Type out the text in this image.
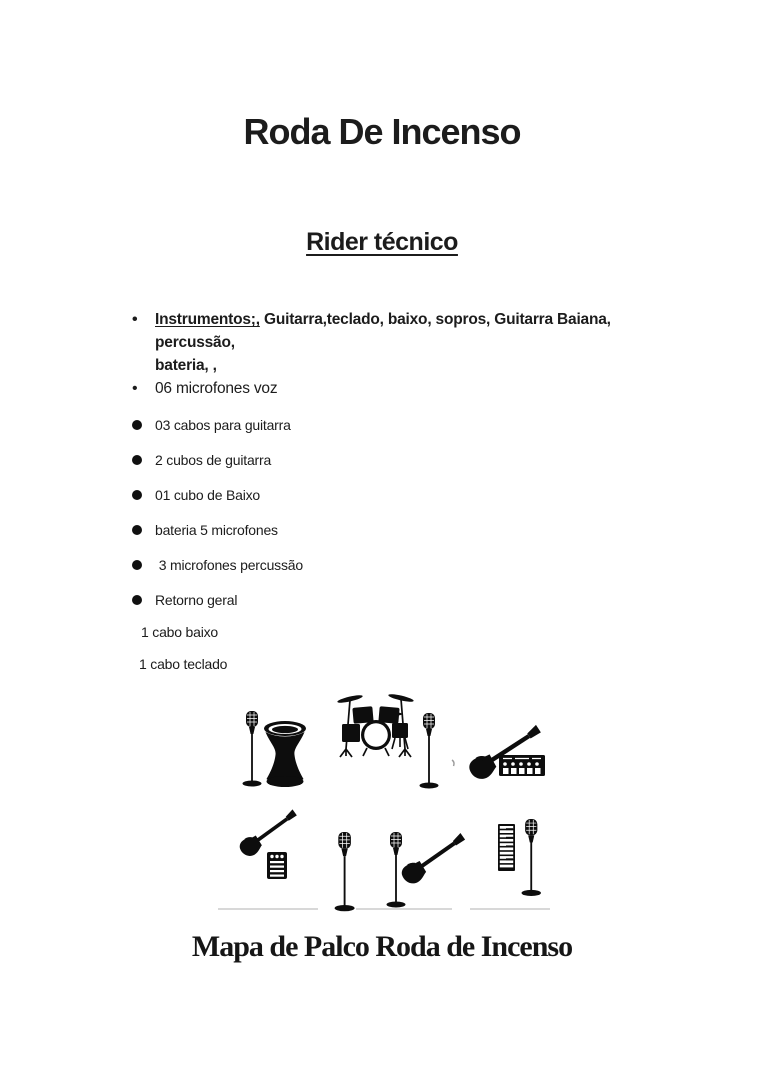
Roda De Incenso
Rider técnico
•
Instrumentos;, Guitarra,teclado, baixo, sopros, Guitarra Baiana, percussão,
bateria, ,
•
06 microfones voz
03 cabos para guitarra
2 cubos de guitarra
01 cubo de Baixo
bateria 5 microfones
3 microfones percussão
Retorno geral
1 cabo baixo
1 cabo teclado
Mapa de Palco Roda de Incenso
